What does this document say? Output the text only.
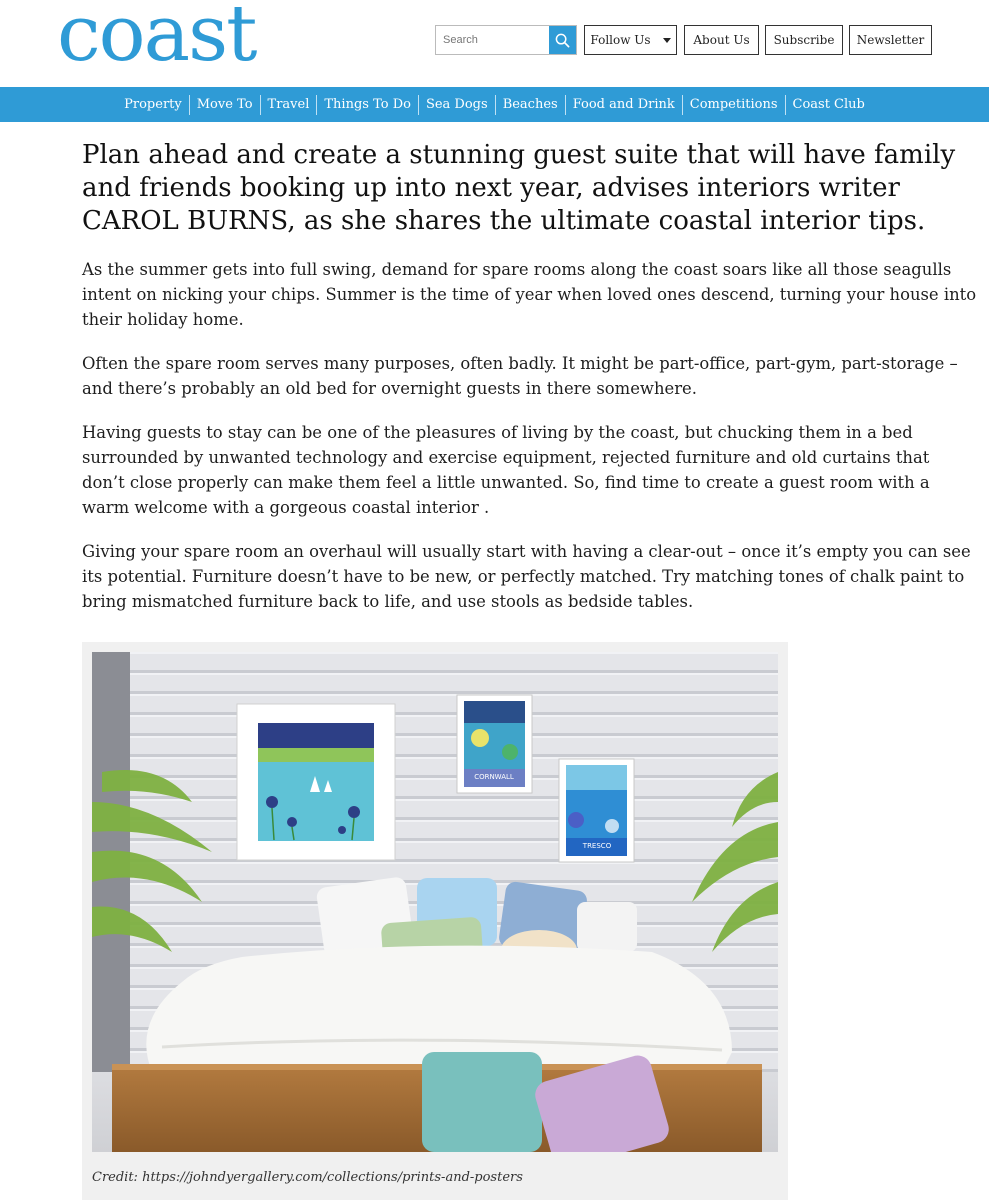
coast
Search	Follow Us	About Us	Subscribe	Newsletter
Property	Move To	Travel	Things To Do	Sea Dogs	Beaches	Food and Drink	Competitions	Coast Club
Plan ahead and create a stunning guest suite that will have family and friends booking up into next year, advises interiors writer CAROL BURNS, as she shares the ultimate coastal interior tips.

As the summer gets into full swing, demand for spare rooms along the coast soars like all those seagulls intent on nicking your chips. Summer is the time of year when loved ones descend, turning your house into their holiday home.

Often the spare room serves many purposes, often badly. It might be part-office, part-gym, part-storage – and there’s probably an old bed for overnight guests in there somewhere.

Having guests to stay can be one of the pleasures of living by the coast, but chucking them in a bed surrounded by unwanted technology and exercise equipment, rejected furniture and old curtains that don’t close properly can make them feel a little unwanted. So, find time to create a guest room with a warm welcome with a gorgeous coastal interior .

Giving your spare room an overhaul will usually start with having a clear-out – once it’s empty you can see its potential. Furniture doesn’t have to be new, or perfectly matched. Try matching tones of chalk paint to bring mismatched furniture back to life, and use stools as bedside tables.

CORNWALL
TRESCO
Credit: https://johndyergallery.com/collections/prints-and-posters
